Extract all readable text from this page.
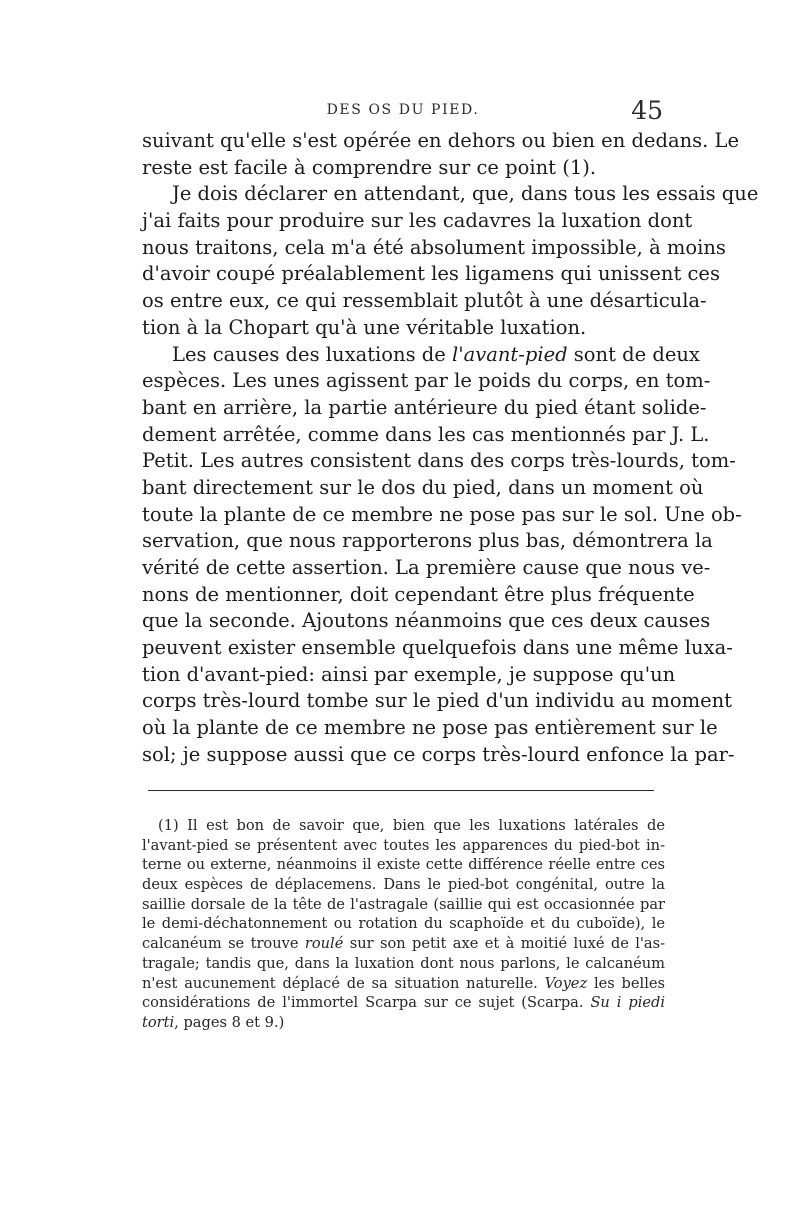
DES OS DU PIED.	45
suivant qu'elle s'est opérée en dehors ou bien en dedans. Le
reste est facile à comprendre sur ce point (1).
Je dois déclarer en attendant, que, dans tous les essais que
j'ai faits pour produire sur les cadavres la luxation dont
nous traitons, cela m'a été absolument impossible, à moins
d'avoir coupé préalablement les ligamens qui unissent ces
os entre eux, ce qui ressemblait plutôt à une désarticula-
tion à la Chopart qu'à une véritable luxation.
Les causes des luxations de l'avant-pied sont de deux
espèces. Les unes agissent par le poids du corps, en tom-
bant en arrière, la partie antérieure du pied étant solide-
dement arrêtée, comme dans les cas mentionnés par J. L.
Petit. Les autres consistent dans des corps très-lourds, tom-
bant directement sur le dos du pied, dans un moment où
toute la plante de ce membre ne pose pas sur le sol. Une ob-
servation, que nous rapporterons plus bas, démontrera la
vérité de cette assertion. La première cause que nous ve-
nons de mentionner, doit cependant être plus fréquente
que la seconde. Ajoutons néanmoins que ces deux causes
peuvent exister ensemble quelquefois dans une même luxa-
tion d'avant-pied: ainsi par exemple, je suppose qu'un
corps très-lourd tombe sur le pied d'un individu au moment
où la plante de ce membre ne pose pas entièrement sur le
sol; je suppose aussi que ce corps très-lourd enfonce la par-
(1) Il est bon de savoir que, bien que les luxations latérales de
l'avant-pied se présentent avec toutes les apparences du pied-bot in-
terne ou externe, néanmoins il existe cette différence réelle entre ces
deux espèces de déplacemens. Dans le pied-bot congénital, outre la
saillie dorsale de la tête de l'astragale (saillie qui est occasionnée par
le demi-déchatonnement ou rotation du scaphoïde et du cuboïde), le
calcanéum se trouve roulé sur son petit axe et à moitié luxé de l'as-
tragale; tandis que, dans la luxation dont nous parlons, le calcanéum
n'est aucunement déplacé de sa situation naturelle. Voyez les belles
considérations de l'immortel Scarpa sur ce sujet (Scarpa. Su i piedi
torti, pages 8 et 9.)
